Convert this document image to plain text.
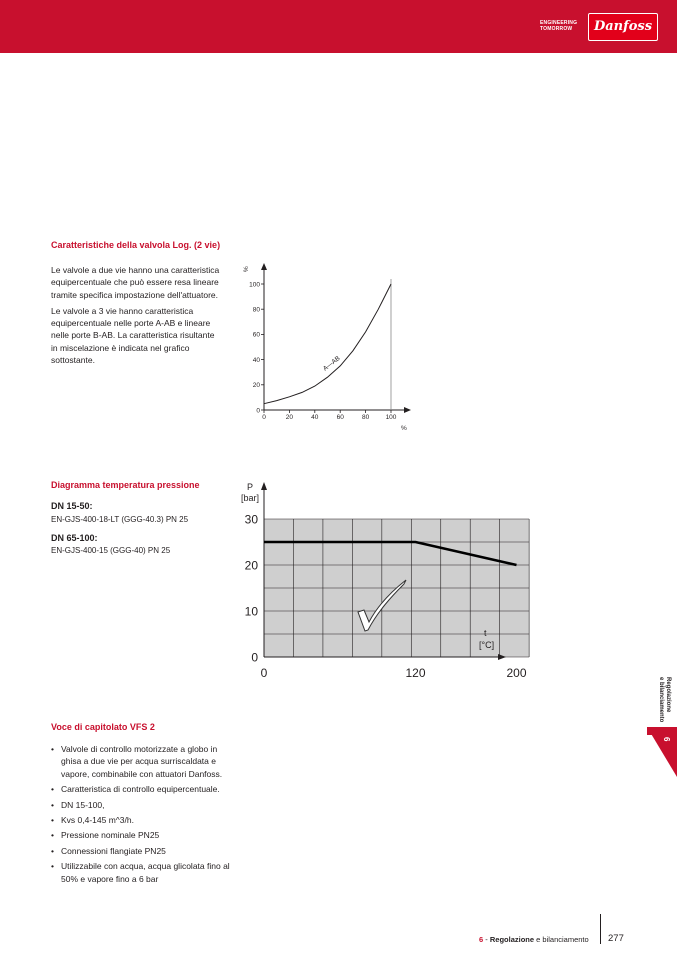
ENGINEERING
TOMORROW	Danfoss
Caratteristiche della valvola Log. (2 vie)

Le valvole a due vie hanno una caratteristica equipercentuale che può essere resa lineare tramite specifica impostazione dell'attuatore.

Le valvole a 3 vie hanno caratteristica equipercentuale nelle porte A-AB e lineare nelle porte B-AB. La caratteristica risultante in miscelazione è indicata nel grafico sottostante.

Diagramma temperatura pressione
DN 15-50:
EN-GJS-400-18-LT (GGG-40.3) PN 25
DN 65-100:
EN-GJS-400-15 (GGG-40) PN 25
Voce di capitolato VFS 2
• Valvole di controllo motorizzate a globo in ghisa a due vie per acqua surriscaldata e vapore, combinabile con attuatori Danfoss.
• Caratteristica di controllo equipercentuale.
• DN 15-100,
• Kvs 0,4-145 m^3/h.
• Pressione nominale PN25
• Connessioni flangiate PN25
• Utilizzabile con acqua, acqua glicolata fino al 50% e vapore fino a 6 bar
0
20
40
60
80
100
0	20	40	60	80	100
A—AB
%
%
0
10
20
30
0	120	200
P
[bar]
t
[°C]
6
Regolazione
e bilanciamento
6 - Regolazione e bilanciamento 277
